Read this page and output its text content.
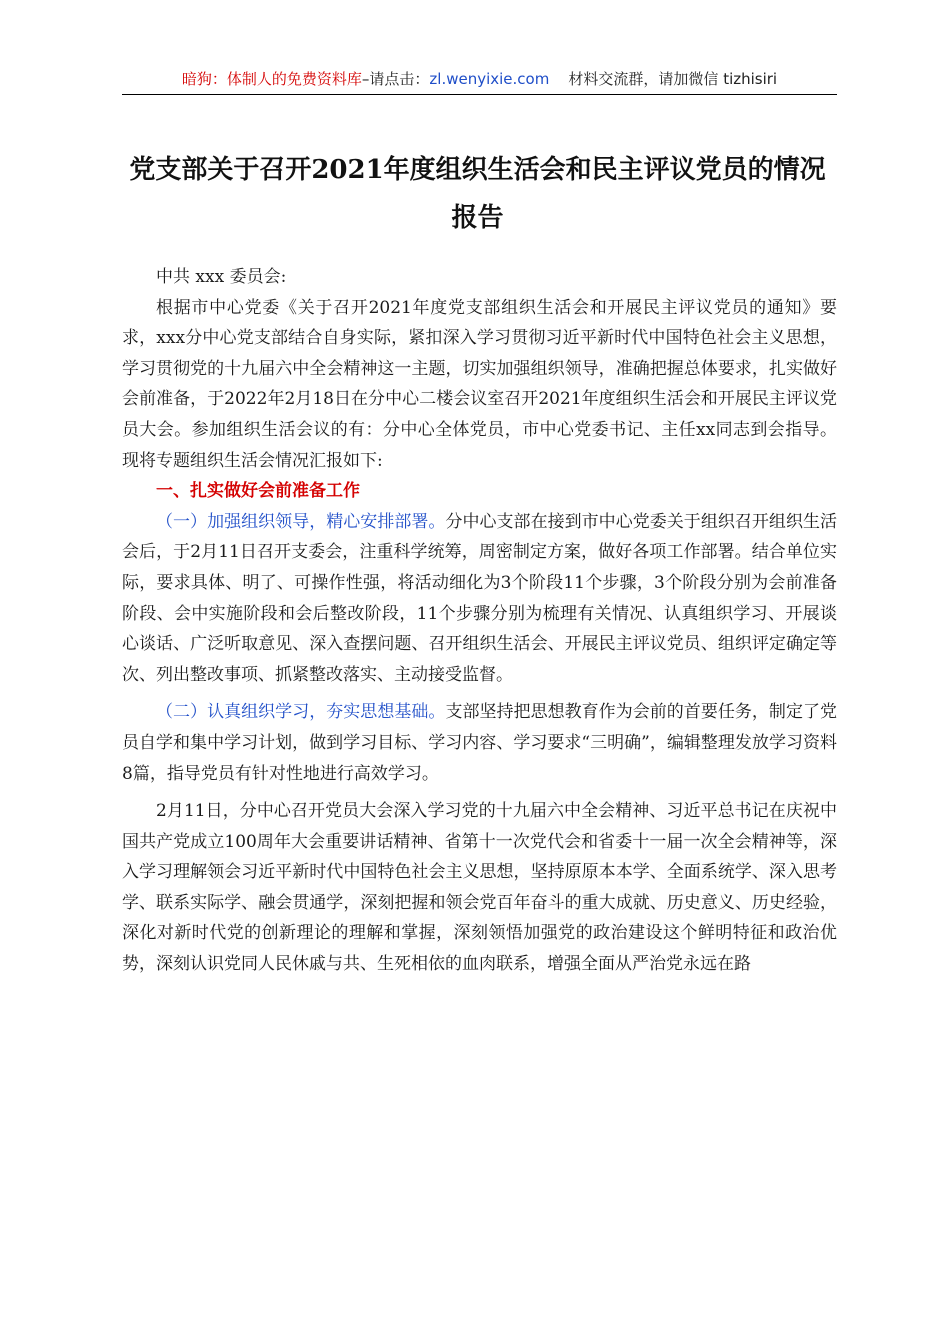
暗狗：体制人的免费资料库–请点击：zl.wenyixie.com 材料交流群，请加微信 tizhisiri
党支部关于召开2021年度组织生活会和民主评议党员的情况报告

中共 xxx 委员会:

根据市中心党委《关于召开2021年度党支部组织生活会和开展民主评议党员的通知》要求，xxx分中心党支部结合自身实际，紧扣深入学习贯彻习近平新时代中国特色社会主义思想，学习贯彻党的十九届六中全会精神这一主题，切实加强组织领导，准确把握总体要求，扎实做好会前准备，于2022年2月18日在分中心二楼会议室召开2021年度组织生活会和开展民主评议党员大会。参加组织生活会议的有：分中心全体党员，市中心党委书记、主任xx同志到会指导。现将专题组织生活会情况汇报如下:

一、扎实做好会前准备工作

（一）加强组织领导，精心安排部署。分中心支部在接到市中心党委关于组织召开组织生活会后，于2月11日召开支委会，注重科学统筹，周密制定方案，做好各项工作部署。结合单位实际，要求具体、明了、可操作性强，将活动细化为3个阶段11个步骤，3个阶段分别为会前准备阶段、会中实施阶段和会后整改阶段，11个步骤分别为梳理有关情况、认真组织学习、开展谈心谈话、广泛听取意见、深入查摆问题、召开组织生活会、开展民主评议党员、组织评定确定等次、列出整改事项、抓紧整改落实、主动接受监督。

（二）认真组织学习，夯实思想基础。支部坚持把思想教育作为会前的首要任务，制定了党员自学和集中学习计划，做到学习目标、学习内容、学习要求“三明确”，编辑整理发放学习资料8篇，指导党员有针对性地进行高效学习。

2月11日，分中心召开党员大会深入学习党的十九届六中全会精神、习近平总书记在庆祝中国共产党成立100周年大会重要讲话精神、省第十一次党代会和省委十一届一次全会精神等，深入学习理解领会习近平新时代中国特色社会主义思想，坚持原原本本学、全面系统学、深入思考学、联系实际学、融会贯通学，深刻把握和领会党百年奋斗的重大成就、历史意义、历史经验，深化对新时代党的创新理论的理解和掌握，深刻领悟加强党的政治建设这个鲜明特征和政治优势，深刻认识党同人民休戚与共、生死相依的血肉联系，增强全面从严治党永远在路
